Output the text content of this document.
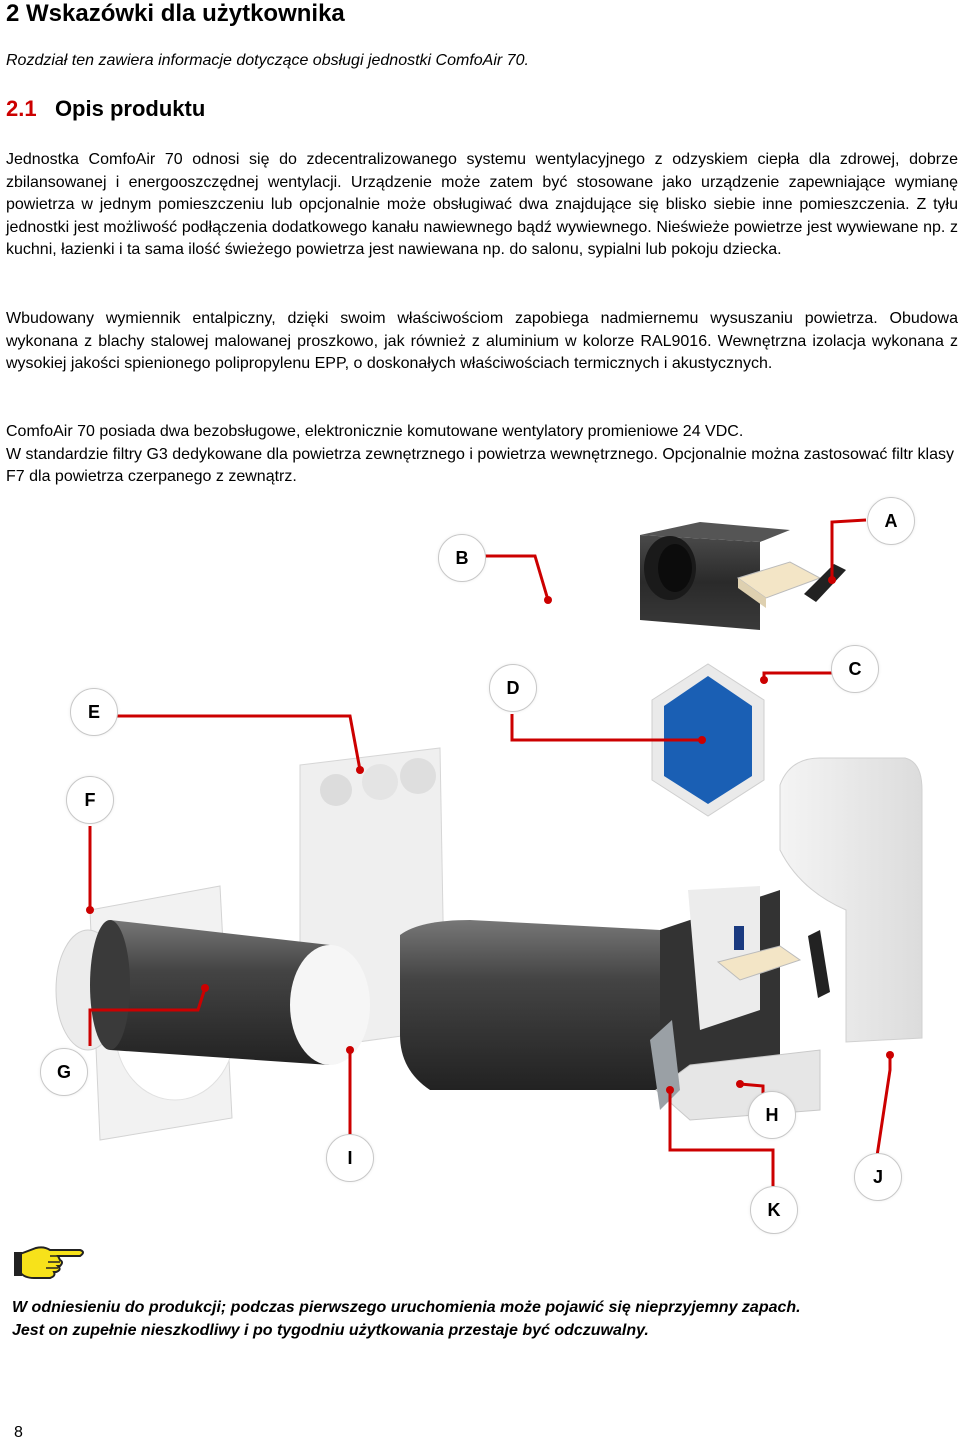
2 Wskazówki dla użytkownika

Rozdział ten zawiera informacje dotyczące obsługi jednostki ComfoAir 70.

2.1 Opis produktu

Jednostka ComfoAir 70 odnosi się do zdecentralizowanego systemu wentylacyjnego z odzyskiem ciepła dla zdrowej, dobrze zbilansowanej i energooszczędnej wentylacji. Urządzenie może zatem być stosowane jako urządzenie zapewniające wymianę powietrza w jednym pomieszczeniu lub opcjonalnie może obsługiwać dwa znajdujące się blisko siebie inne pomieszczenia. Z tyłu jednostki jest możliwość podłączenia dodatkowego kanału nawiewnego bądź wywiewnego. Nieświeże powietrze jest wywiewane np. z kuchni, łazienki i ta sama ilość świeżego powietrza jest nawiewana np. do salonu, sypialni lub pokoju dziecka.

Wbudowany wymiennik entalpiczny, dzięki swoim właściwościom zapobiega nadmiernemu wysuszaniu powietrza. Obudowa wykonana z blachy stalowej malowanej proszkowo, jak również z aluminium w kolorze RAL9016. Wewnętrzna izolacja wykonana z wysokiej jakości spienionego polipropylenu EPP, o doskonałych właściwościach termicznych i akustycznych.

ComfoAir 70 posiada dwa bezobsługowe, elektronicznie komutowane wentylatory promieniowe 24 VDC.
W standardzie filtry G3 dedykowane dla powietrza zewnętrznego i powietrza wewnętrznego. Opcjonalnie można zastosować filtr klasy F7 dla powietrza czerpanego z zewnątrz.

A
B
C
D
E
F
G
H
I
J
K
W odniesieniu do produkcji; podczas pierwszego uruchomienia może pojawić się nieprzyjemny zapach.
Jest on zupełnie nieszkodliwy i po tygodniu użytkowania przestaje być odczuwalny.
8
